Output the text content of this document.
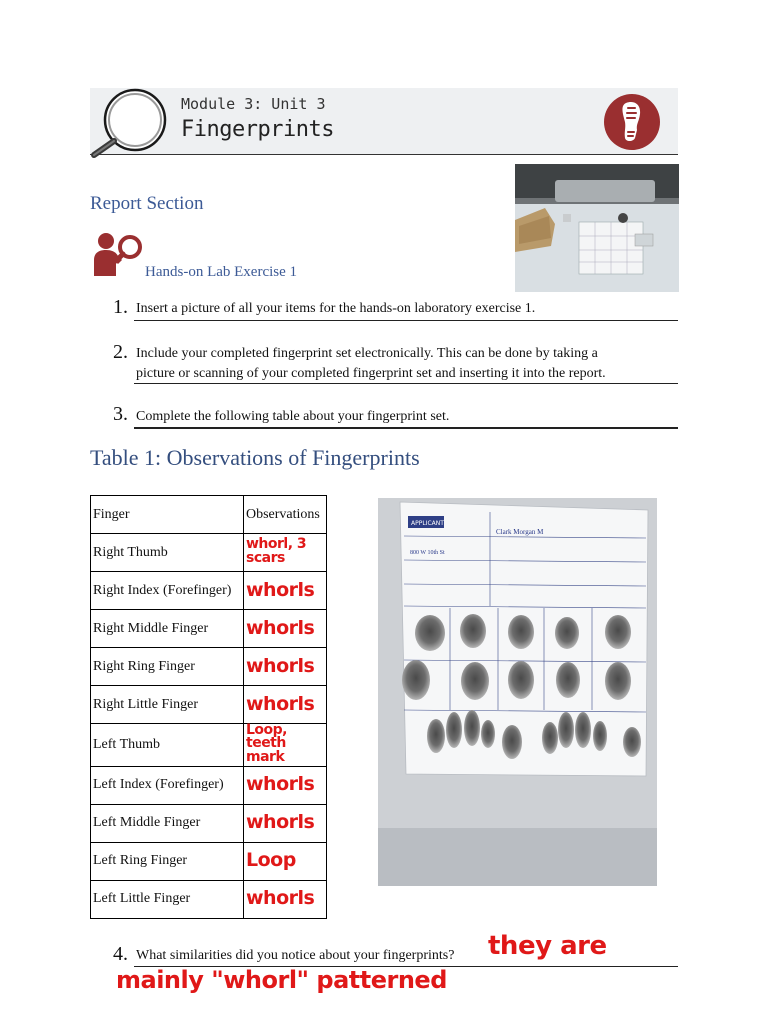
Module 3: Unit 3
Fingerprints
Report Section
Hands-on Lab Exercise 1
1. Insert a picture of all your items for the hands-on laboratory exercise 1.
2. Include your completed fingerprint set electronically. This can be done by taking a
picture or scanning of your completed fingerprint set and inserting it into the report.
3. Complete the following table about your fingerprint set.
Table 1: Observations of Fingerprints
Finger	Observations
Right Thumb	whorl, 3 scars
Right Index (Forefinger)	whorls
Right Middle Finger	whorls
Right Ring Finger	whorls
Right Little Finger	whorls
Left Thumb	Loop, teeth mark
Left Index (Forefinger)	whorls
Left Middle Finger	whorls
Left Ring Finger	Loop
Left Little Finger	whorls
APPLICANT
Clark Morgan M
800 W 10th St
4. What similarities did you notice about your fingerprints? they are
mainly "whorl" patterned
